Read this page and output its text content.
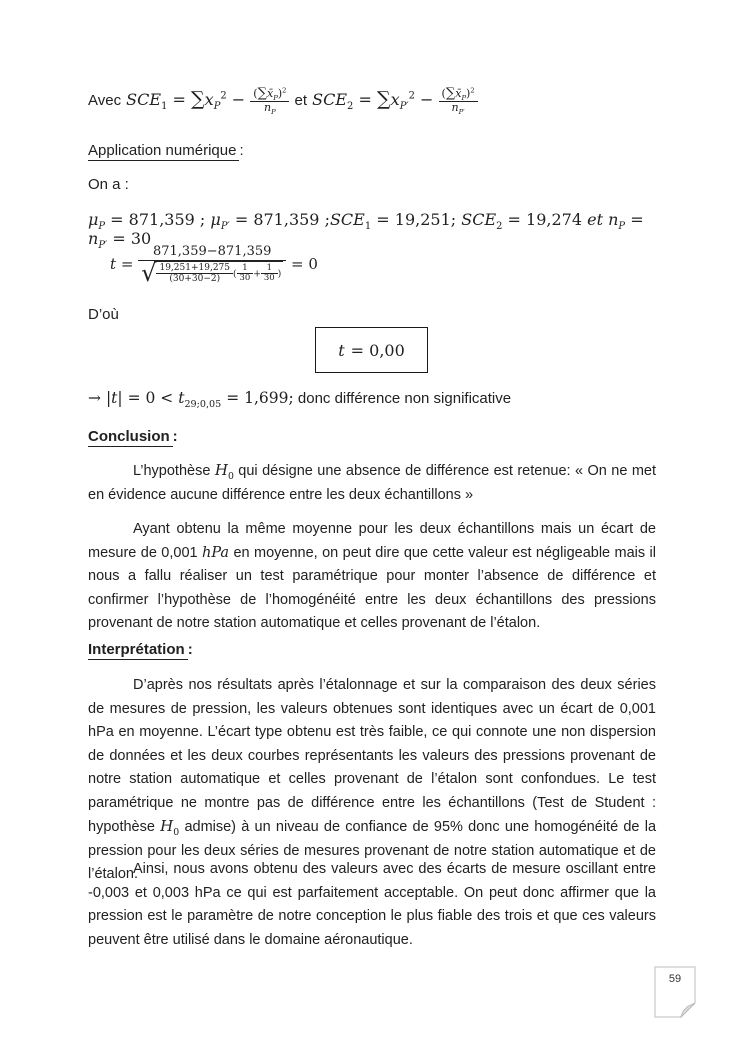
Avec $SCE_1 = \sum x_P^2 - \frac{(\sum x̄_P)^2}{n_P}$ et $SCE_2 = \sum x_{P'}^2 - \frac{(\sum x̄_P)^2}{n_{P'}}$
Application numérique :
On a :
$\mu_P = 871,359$ ; $\mu_{P'} = 871,359$ $;SCE_1 = 19,251$; $SCE_2 = 19,274$ et $n_P = n_{P'} = 30$
$t = \frac{871,359-871,359}{√ \frac{19,251+19,275}{(30+30-2)} ( \frac{1}{30} + \frac{1}{30} )} = 0$
D’où
t = 0,00
→ $|t| = 0 < t_{29;0,05} = 1,699$; donc différence non significative
Conclusion :
L’hypothèse $H_0$ qui désigne une absence de différence est retenue: « On ne met en évidence aucune différence entre les deux échantillons »
Ayant obtenu la même moyenne pour les deux échantillons mais un écart de mesure de 0,001 hPa en moyenne, on peut dire que cette valeur est négligeable mais il nous a fallu réaliser un test paramétrique pour monter l’absence de différence et confirmer l’hypothèse de l’homogénéité entre les deux échantillons des pressions provenant de notre station automatique et celles provenant de l’étalon.
Interprétation :
D’après nos résultats après l’étalonnage et sur la comparaison des deux séries de mesures de pression, les valeurs obtenues sont identiques avec un écart de 0,001 hPa en moyenne. L’écart type obtenu est très faible, ce qui connote une non dispersion de données et les deux courbes représentants les valeurs des pressions provenant de notre station automatique et celles provenant de l’étalon sont confondues. Le test paramétrique ne montre pas de différence entre les échantillons (Test de Student : hypothèse $H_0$ admise) à un niveau de confiance de 95% donc une homogénéité de la pression pour les deux séries de mesures provenant de notre station automatique et de l’étalon.
Ainsi, nous avons obtenu des valeurs avec des écarts de mesure oscillant entre -0,003 et 0,003 hPa ce qui est parfaitement acceptable. On peut donc affirmer que la pression est le paramètre de notre conception le plus fiable des trois et que ces valeurs peuvent être utilisé dans le domaine aéronautique.
59
